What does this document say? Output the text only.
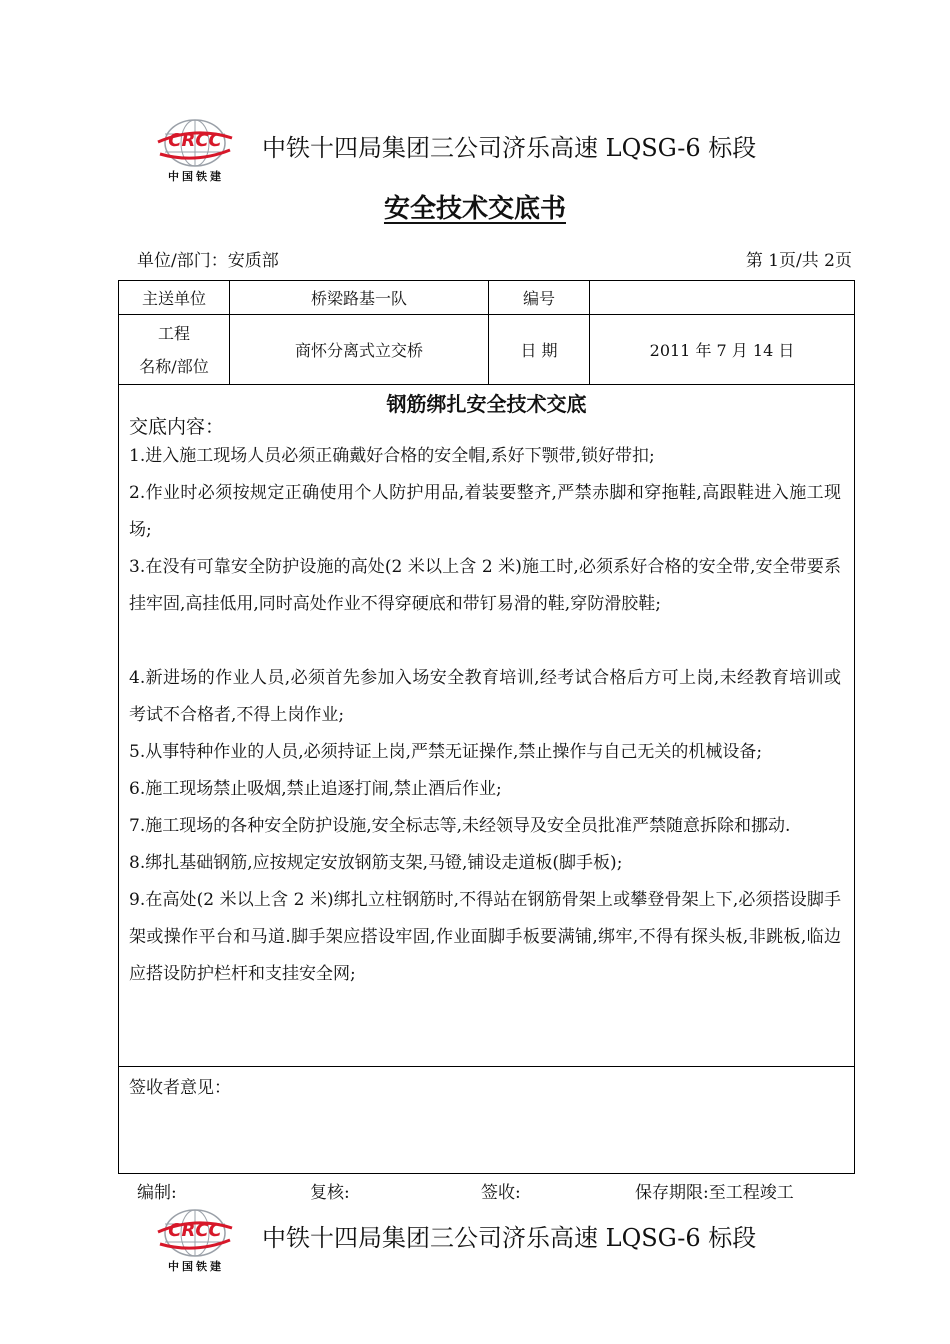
CRCC
中国铁建
中铁十四局集团三公司济乐高速 LQSG-6 标段
安全技术交底书
单位/部门：安质部	第 1页/共 2页
主送单位	桥梁路基一队	编号	

工程
名称/部位	商怀分离式立交桥	日 期	2011 年 7 月 14 日
钢筋绑扎安全技术交底
交底内容：
1.进入施工现场人员必须正确戴好合格的安全帽,系好下颚带,锁好带扣;
2.作业时必须按规定正确使用个人防护用品,着装要整齐,严禁赤脚和穿拖鞋,高跟鞋进入施工现场;
3.在没有可靠安全防护设施的高处(2 米以上含 2 米)施工时,必须系好合格的安全带,安全带要系挂牢固,高挂低用,同时高处作业不得穿硬底和带钉易滑的鞋,穿防滑胶鞋;
4.新进场的作业人员,必须首先参加入场安全教育培训,经考试合格后方可上岗,未经教育培训或考试不合格者,不得上岗作业;
5.从事特种作业的人员,必须持证上岗,严禁无证操作,禁止操作与自己无关的机械设备;
6.施工现场禁止吸烟,禁止追逐打闹,禁止酒后作业;
7.施工现场的各种安全防护设施,安全标志等,未经领导及安全员批准严禁随意拆除和挪动.
8.绑扎基础钢筋,应按规定安放钢筋支架,马镫,铺设走道板(脚手板);
9.在高处(2 米以上含 2 米)绑扎立柱钢筋时,不得站在钢筋骨架上或攀登骨架上下,必须搭设脚手架或操作平台和马道.脚手架应搭设牢固,作业面脚手板要满铺,绑牢,不得有探头板,非跳板,临边应搭设防护栏杆和支挂安全网;
签收者意见：
编制:	复核:	签收:	保存期限:至工程竣工
CRCC
中国铁建
中铁十四局集团三公司济乐高速 LQSG-6 标段
